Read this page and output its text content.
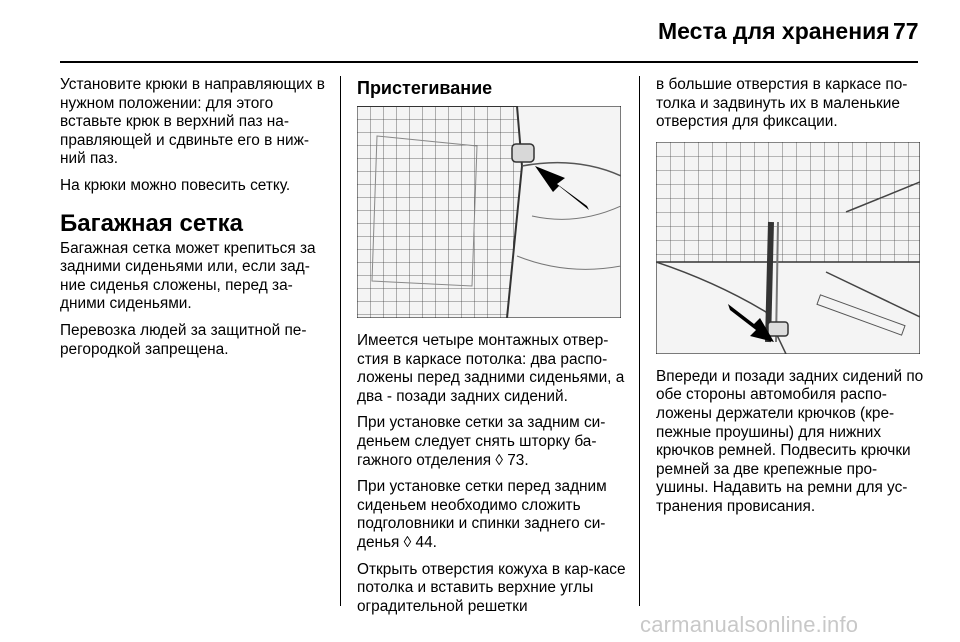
Места для хранения 77

Установите крюки в направляющих в нужном положении: для этого вставьте крюк в верхний паз на-правляющей и сдвиньте его в ниж-ний паз.

На крюки можно повесить сетку.

Багажная сетка

Багажная сетка может крепиться за задними сиденьями или, если зад-ние сиденья сложены, перед за-дними сиденьями.

Перевозка людей за защитной пе-регородкой запрещена.

Пристегивание

Имеется четыре монтажных отвер-стия в каркасе потолка: два распо-ложены перед задними сиденьями, а два - позади задних сидений.

При установке сетки за задним си-деньем следует снять шторку ба-гажного отделения ◊ 73.

При установке сетки перед задним сиденьем необходимо сложить подголовники и спинки заднего си-денья ◊ 44.

Открыть отверстия кожуха в кар-касе потолка и вставить верхние углы оградительной решетки

в большие отверстия в каркасе по-толка и задвинуть их в маленькие отверстия для фиксации.

Впереди и позади задних сидений по обе стороны автомобиля распо-ложены держатели крючков (кре-пежные проушины) для нижних крючков ремней. Подвесить крючки ремней за две крепежные про-ушины. Надавить на ремни для ус-транения провисания.

carmanualsonline.info
